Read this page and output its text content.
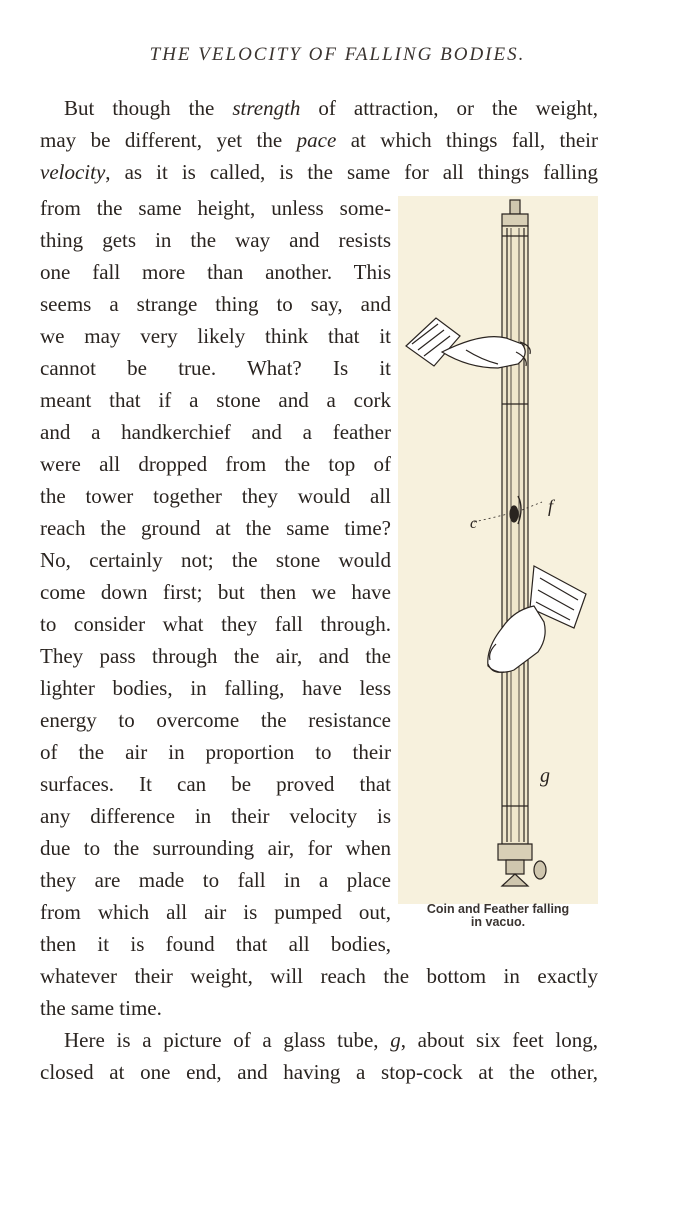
THE VELOCITY OF FALLING BODIES.
But though the strength of attraction, or the weight,
may be different, yet the pace at which things fall, their
velocity, as it is called, is the same for all things falling
from the same height, unless some-
thing gets in the way and resists
one fall more than another. This
seems a strange thing to say, and
we may very likely think that it
cannot be true. What? Is it
meant that if a stone and a cork
and a handkerchief and a feather
were all dropped from the top of
the tower together they would all
reach the ground at the same time?
No, certainly not; the stone would
come down first; but then we have
to consider what they fall through.
They pass through the air, and the
lighter bodies, in falling, have less
energy to overcome the resistance
of the air in proportion to their
surfaces. It can be proved that
any difference in their velocity is
due to the surrounding air, for when
they are made to fall in a place
from which all air is pumped out,
then it is found that all bodies,
whatever their weight, will reach the bottom in exactly
the same time.
Here is a picture of a glass tube, g, about six feet long,
closed at one end, and having a stop-cock at the other,
c
f
g
Coin and Feather falling
in vacuo.
